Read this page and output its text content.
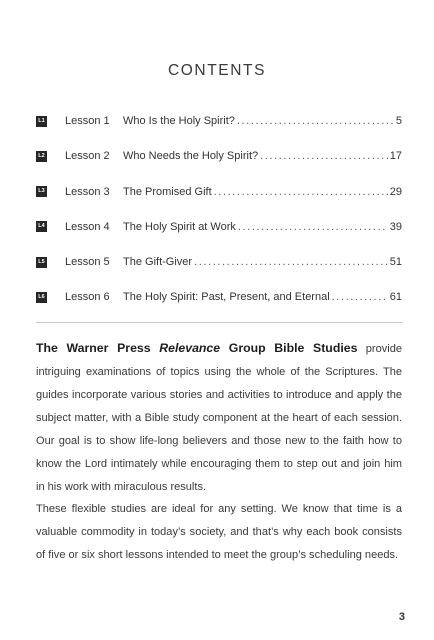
CONTENTS
L1 Lesson 1 Who Is the Holy Spirit? .....	5
L2 Lesson 2 Who Needs the Holy Spirit? .....	17
L3 Lesson 3 The Promised Gift .....	29
L4 Lesson 4 The Holy Spirit at Work .....	39
L5 Lesson 5 The Gift-Giver .....	51
L6 Lesson 6 The Holy Spirit: Past, Present, and Eternal .....	61

The Warner Press Relevance Group Bible Studies provide intriguing examinations of topics using the whole of the Scriptures. The guides incorporate various stories and activities to introduce and apply the subject matter, with a Bible study component at the heart of each session. Our goal is to show life-long believers and those new to the faith how to know the Lord intimately while encouraging them to step out and join him in his work with miraculous results.

These flexible studies are ideal for any setting. We know that time is a valuable commodity in today’s society, and that’s why each book consists of five or six short lessons intended to meet the group’s scheduling needs.

3
